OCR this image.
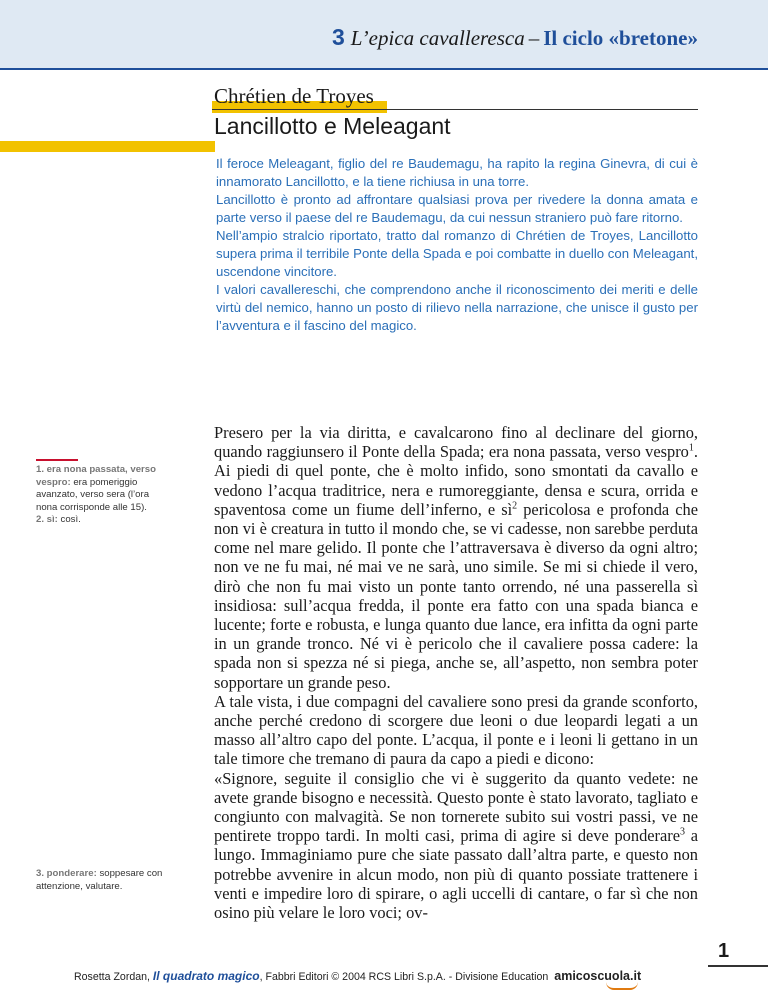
3 L’epica cavalleresca – Il ciclo «bretone»
Chrétien de Troyes
Lancillotto e Meleagant

Il feroce Meleagant, figlio del re Baudemagu, ha rapito la regina Ginevra, di cui è innamorato Lancillotto, e la tiene richiusa in una torre.

Lancillotto è pronto ad affrontare qualsiasi prova per rivedere la donna amata e parte verso il paese del re Baudemagu, da cui nessun straniero può fare ritorno.

Nell’ampio stralcio riportato, tratto dal romanzo di Chrétien de Troyes, Lancillotto supera prima il terribile Ponte della Spada e poi combatte in duello con Meleagant, uscendone vincitore.

I valori cavallereschi, che comprendono anche il riconoscimento dei meriti e delle virtù del nemico, hanno un posto di rilievo nella narrazione, che unisce il gusto per l’avventura e il fascino del magico.

1. era nona passata, verso vespro: era pomeriggio avanzato, verso sera (l’ora nona corrisponde alle 15).

2. sì: così.

3. ponderare: soppesare con attenzione, valutare.

Presero per la via diritta, e cavalcarono fino al declinare del giorno, quando raggiunsero il Ponte della Spada; era nona passata, verso vespro$^1$. Ai piedi di quel ponte, che è molto infido, sono smontati da cavallo e vedono l’acqua traditrice, nera e rumoreggiante, densa e scura, orrida e spaventosa come un fiume dell’inferno, e $sì^2$ pericolosa e profonda che non vi è creatura in tutto il mondo che, se vi cadesse, non sarebbe perduta come nel mare gelido. Il ponte che l’attraversava è diverso da ogni altro; non ve ne fu mai, né mai ve ne sarà, uno simile. Se mi si chiede il vero, dirò che non fu mai visto un ponte tanto orrendo, né una passerella sì insidiosa: sull’acqua fredda, il ponte era fatto con una spada bianca e lucente; forte e robusta, e lunga quanto due lance, era infitta da ogni parte in un grande tronco. Né vi è pericolo che il cavaliere possa cadere: la spada non si spezza né si piega, anche se, all’aspetto, non sembra poter sopportare un grande peso.

A tale vista, i due compagni del cavaliere sono presi da grande sconforto, anche perché credono di scorgere due leoni o due leopardi legati a un masso all’altro capo del ponte. L’acqua, il ponte e i leoni li gettano in un tale timore che tremano di paura da capo a piedi e dicono:

«Signore, seguite il consiglio che vi è suggerito da quanto vedete: ne avete grande bisogno e necessità. Questo ponte è stato lavorato, tagliato e congiunto con malvagità. Se non tornerete subito sui vostri passi, ve ne pentirete troppo tardi. In molti casi, prima di agire si deve ponderare$^3$ a lungo. Immaginiamo pure che siate passato dall’altra parte, e questo non potrebbe avvenire in alcun modo, non più di quanto possiate trattenere i venti e impedire loro di spirare, o agli uccelli di cantare, o far sì che non osino più velare le loro voci; ov-

1
Rosetta Zordan, Il quadrato magico, Fabbri Editori © 2004 RCS Libri S.p.A. - Divisione Education amicoscuola.it
